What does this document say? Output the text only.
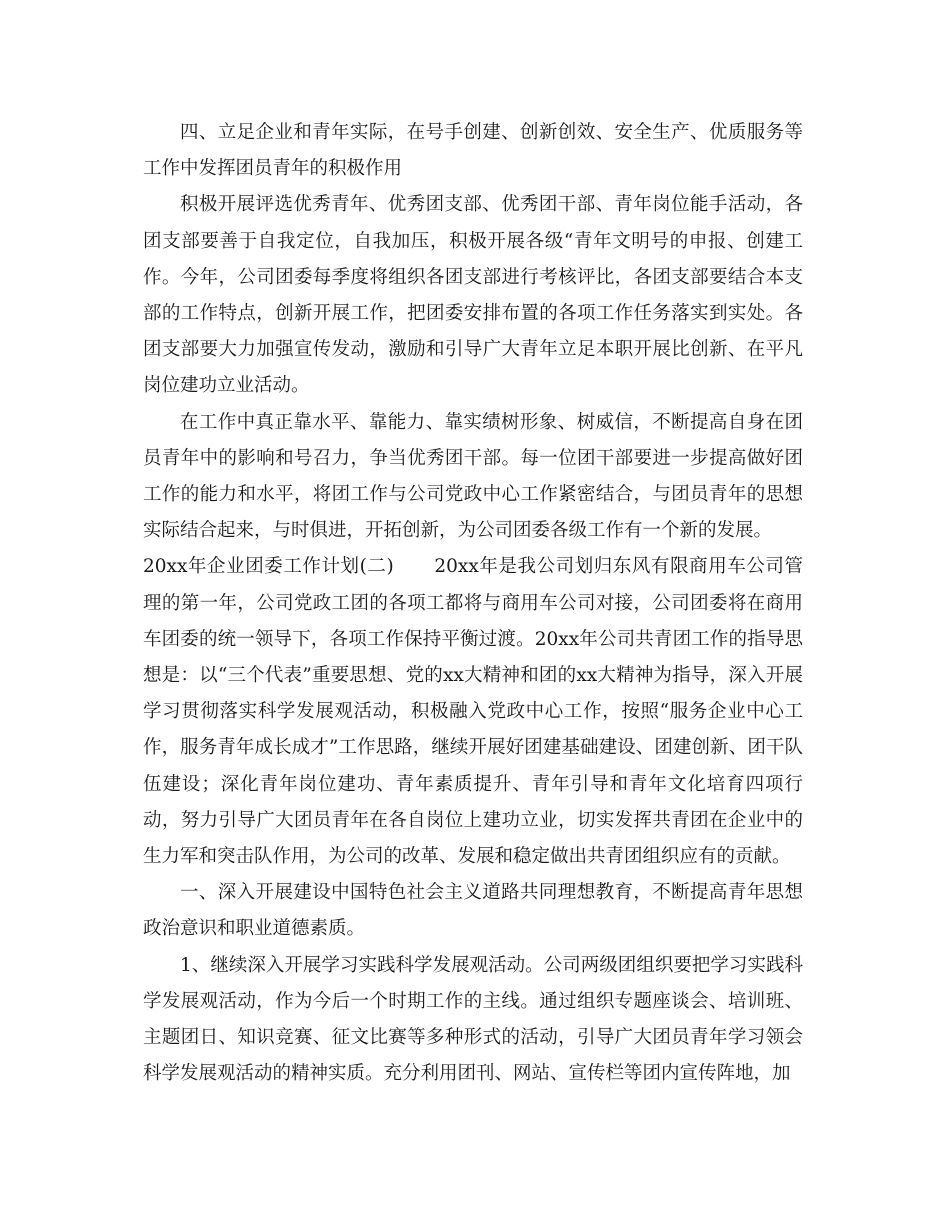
四、立足企业和青年实际，在号手创建、创新创效、安全生产、优质服务等工作中发挥团员青年的积极作用

积极开展评选优秀青年、优秀团支部、优秀团干部、青年岗位能手活动，各团支部要善于自我定位，自我加压，积极开展各级“青年文明号的申报、创建工作。今年，公司团委每季度将组织各团支部进行考核评比，各团支部要结合本支部的工作特点，创新开展工作，把团委安排布置的各项工作任务落实到实处。各团支部要大力加强宣传发动，激励和引导广大青年立足本职开展比创新、在平凡岗位建功立业活动。

在工作中真正靠水平、靠能力、靠实绩树形象、树威信，不断提高自身在团员青年中的影响和号召力，争当优秀团干部。每一位团干部要进一步提高做好团工作的能力和水平，将团工作与公司党政中心工作紧密结合，与团员青年的思想实际结合起来，与时俱进，开拓创新，为公司团委各级工作有一个新的发展。

20xx年企业团委工作计划(二) 20xx年是我公司划归东风有限商用车公司管理的第一年，公司党政工团的各项工都将与商用车公司对接，公司团委将在商用车团委的统一领导下，各项工作保持平衡过渡。20xx年公司共青团工作的指导思想是：以“三个代表”重要思想、党的xx大精神和团的xx大精神为指导，深入开展学习贯彻落实科学发展观活动，积极融入党政中心工作，按照“服务企业中心工作，服务青年成长成才”工作思路，继续开展好团建基础建设、团建创新、团干队伍建设；深化青年岗位建功、青年素质提升、青年引导和青年文化培育四项行动，努力引导广大团员青年在各自岗位上建功立业，切实发挥共青团在企业中的生力军和突击队作用，为公司的改革、发展和稳定做出共青团组织应有的贡献。

一、深入开展建设中国特色社会主义道路共同理想教育，不断提高青年思想政治意识和职业道德素质。

1、继续深入开展学习实践科学发展观活动。公司两级团组织要把学习实践科学发展观活动，作为今后一个时期工作的主线。通过组织专题座谈会、培训班、主题团日、知识竞赛、征文比赛等多种形式的活动，引导广大团员青年学习领会科学发展观活动的精神实质。充分利用团刊、网站、宣传栏等团内宣传阵地，加
